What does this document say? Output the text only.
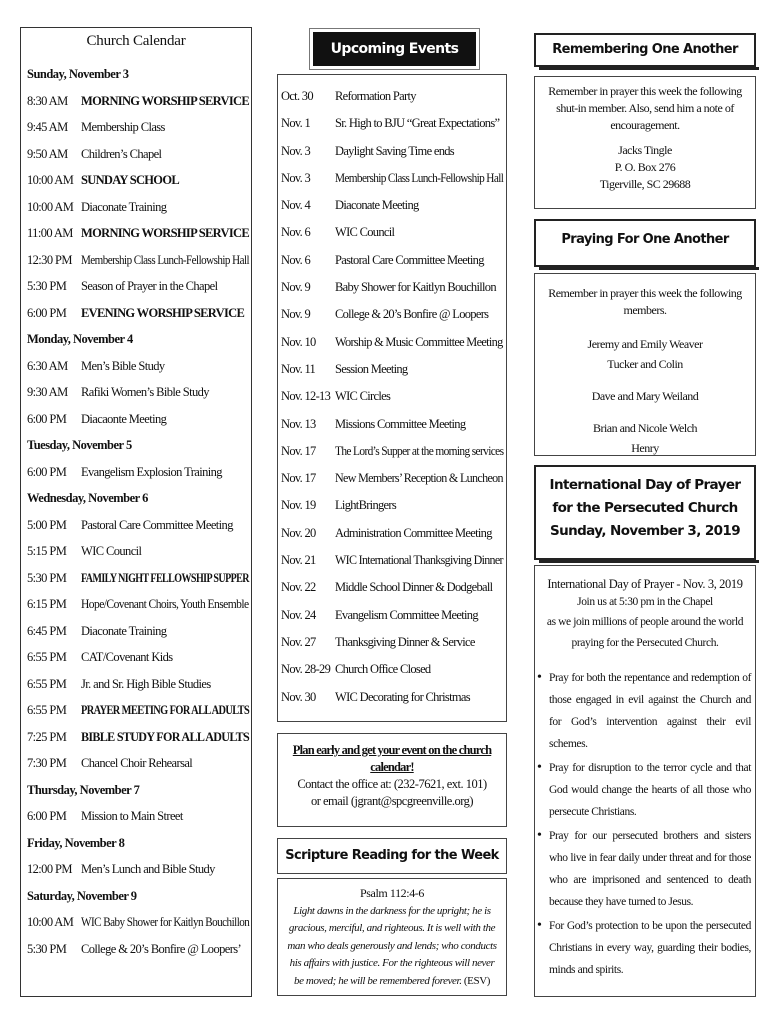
Church Calendar
Sunday, November 3
8:30 AM	MORNING WORSHIP SERVICE
9:45 AM	Membership Class
9:50 AM	Children’s Chapel
10:00 AM SUNDAY SCHOOL
10:00 AM Diaconate Training
11:00 AM MORNING WORSHIP SERVICE
12:30 PM Membership Class Lunch-Fellowship Hall
5:30 PM	Season of Prayer in the Chapel
6:00 PM	EVENING WORSHIP SERVICE
Monday, November 4
6:30 AM	Men’s Bible Study
9:30 AM	Rafiki Women’s Bible Study
6:00 PM	Diacaonte Meeting
Tuesday, November 5
6:00 PM	Evangelism Explosion Training
Wednesday, November 6
5:00 PM	Pastoral Care Committee Meeting
5:15 PM	WIC Council
5:30 PM	FAMILY NIGHT FELLOWSHIP SUPPER
6:15 PM	Hope/Covenant Choirs, Youth Ensemble
6:45 PM	Diaconate Training
6:55 PM	CAT/Covenant Kids
6:55 PM	Jr. and Sr. High Bible Studies
6:55 PM	PRAYER MEETING FOR ALL ADULTS
7:25 PM	BIBLE STUDY FOR ALL ADULTS
7:30 PM	Chancel Choir Rehearsal
Thursday, November 7
6:00 PM	Mission to Main Street
Friday, November 8
12:00 PM Men’s Lunch and Bible Study
Saturday, November 9
10:00 AM WIC Baby Shower for Kaitlyn Bouchillon
5:30 PM	College & 20’s Bonfire @ Loopers’
Upcoming Events
Oct. 30 Reformation Party
Nov. 1 Sr. High to BJU “Great Expectations”
Nov. 3 Daylight Saving Time ends
Nov. 3 Membership Class Lunch-Fellowship Hall
Nov. 4 Diaconate Meeting
Nov. 6 WIC Council
Nov. 6 Pastoral Care Committee Meeting
Nov. 9 Baby Shower for Kaitlyn Bouchillon
Nov. 9 College & 20’s Bonfire @ Loopers
Nov. 10 Worship & Music Committee Meeting
Nov. 11 Session Meeting
Nov. 12-13 WIC Circles
Nov. 13 Missions Committee Meeting
Nov. 17 The Lord’s Supper at the morning services
Nov. 17 New Members’ Reception & Luncheon
Nov. 19 LightBringers
Nov. 20 Administration Committee Meeting
Nov. 21 WIC International Thanksgiving Dinner
Nov. 22 Middle School Dinner & Dodgeball
Nov. 24 Evangelism Committee Meeting
Nov. 27 Thanksgiving Dinner & Service
Nov. 28-29 Church Office Closed
Nov. 30 WIC Decorating for Christmas
Plan early and get your event on the church calendar!
Contact the office at: (232-7621, ext. 101)
or email (jgrant@spcgreenville.org)
Scripture Reading for the Week
Psalm 112:4-6
Light dawns in the darkness for the upright; he is gracious, merciful, and righteous. It is well with the man who deals generously and lends; who conducts his affairs with justice. For the righteous will never be moved; he will be remembered forever. (ESV)
Remembering One Another
Remember in prayer this week the following shut-in member. Also, send him a note of encouragement.
Jacks Tingle
P. O. Box 276
Tigerville, SC 29688
Praying For One Another
Remember in prayer this week the following members.
Jeremy and Emily Weaver
Tucker and Colin
Dave and Mary Weiland
Brian and Nicole Welch
Henry
International Day of Prayer
for the Persecuted Church
Sunday, November 3, 2019
International Day of Prayer - Nov. 3, 2019
Join us at 5:30 pm in the Chapel
as we join millions of people around the world
praying for the Persecuted Church.
• Pray for both the repentance and redemption of those engaged in evil against the Church and for God’s intervention against their evil schemes.
• Pray for disruption to the terror cycle and that God would change the hearts of all those who persecute Christians.
• Pray for our persecuted brothers and sisters who live in fear daily under threat and for those who are imprisoned and sentenced to death because they have turned to Jesus.
• For God’s protection to be upon the persecuted Christians in every way, guarding their bodies, minds and spirits.
